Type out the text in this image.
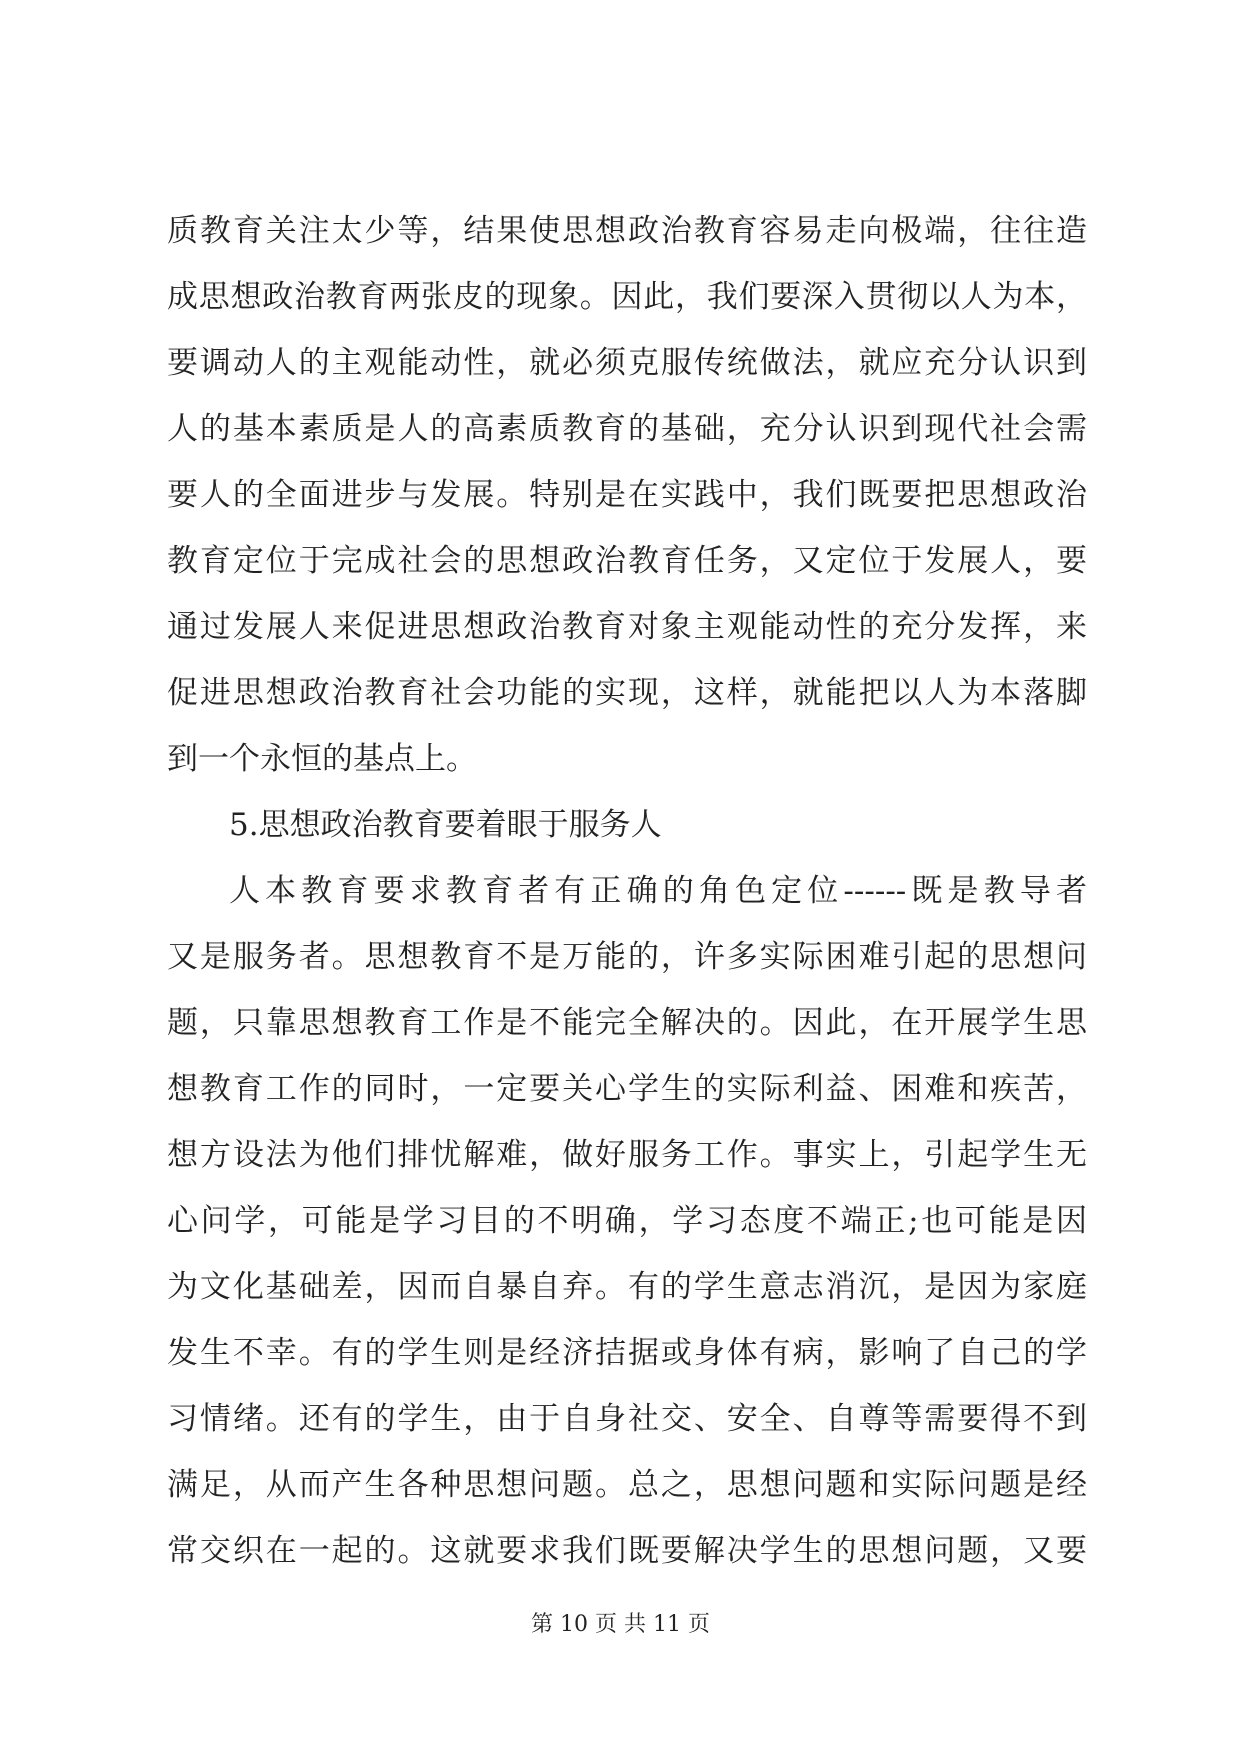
质教育关注太少等，结果使思想政治教育容易走向极端，往往造
成思想政治教育两张皮的现象。因此，我们要深入贯彻以人为本，
要调动人的主观能动性，就必须克服传统做法，就应充分认识到
人的基本素质是人的高素质教育的基础，充分认识到现代社会需
要人的全面进步与发展。特别是在实践中，我们既要把思想政治
教育定位于完成社会的思想政治教育任务，又定位于发展人，要
通过发展人来促进思想政治教育对象主观能动性的充分发挥，来
促进思想政治教育社会功能的实现，这样，就能把以人为本落脚
到一个永恒的基点上。
5.思想政治教育要着眼于服务人
人本教育要求教育者有正确的角色定位------既是教导者
又是服务者。思想教育不是万能的，许多实际困难引起的思想问
题，只靠思想教育工作是不能完全解决的。因此，在开展学生思
想教育工作的同时，一定要关心学生的实际利益、困难和疾苦，
想方设法为他们排忧解难，做好服务工作。事实上，引起学生无
心问学，可能是学习目的不明确，学习态度不端正;也可能是因
为文化基础差，因而自暴自弃。有的学生意志消沉，是因为家庭
发生不幸。有的学生则是经济拮据或身体有病，影响了自己的学
习情绪。还有的学生，由于自身社交、安全、自尊等需要得不到
满足，从而产生各种思想问题。总之，思想问题和实际问题是经
常交织在一起的。这就要求我们既要解决学生的思想问题，又要
第 10 页 共 11 页
